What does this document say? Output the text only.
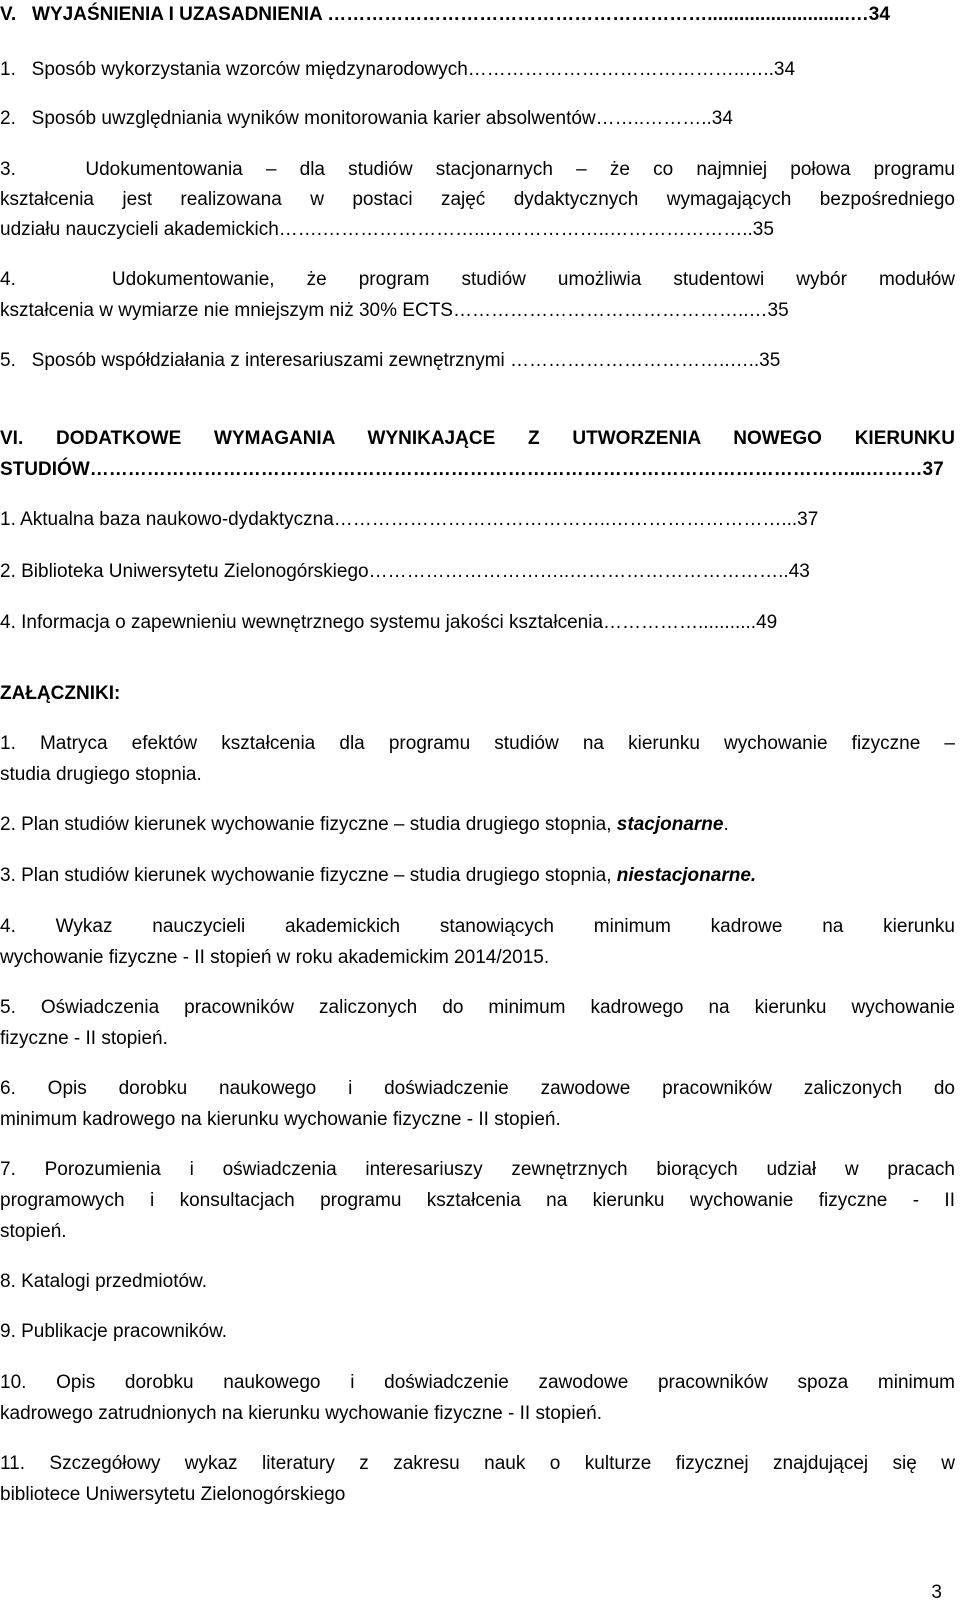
V.   WYJAŚNIENIA I UZASADNIENIA ……………………………………………………...........................…34
1.   Sposób wykorzystania wzorców międzynarodowych……………………………………..…..34
2.   Sposób uwzględniania wyników monitorowania karier absolwentów……..………..34
3.   Udokumentowania – dla studiów stacjonarnych – że co najmniej połowa programu
kształcenia jest realizowana w postaci zajęć dydaktycznych wymagających bezpośredniego
udziału nauczycieli akademickich…….……………………..………………..…………………..35
4.   Udokumentowanie, że program studiów umożliwia studentowi wybór modułów
kształcenia w wymiarze nie mniejszym niż 30% ECTS………………………………………..…35
5.   Sposób współdziałania z interesariuszami zewnętrznymi ……………………………..…..35
VI. DODATKOWE WYMAGANIA WYNIKAJĄCE Z UTWORZENIA NOWEGO KIERUNKU
STUDIÓW…………………………………………………………………………………………………………...………37
1. Aktualna baza naukowo-dydaktyczna……………………………………..………………………...37
2. Biblioteka Uniwersytetu Zielonogórskiego…………………………..……………………………..43
4. Informacja o zapewnieniu wewnętrznego systemu jakości kształcenia……………...........49
ZAŁĄCZNIKI:
1. Matryca efektów kształcenia dla programu studiów na kierunku wychowanie fizyczne –
studia drugiego stopnia.
2. Plan studiów kierunek wychowanie fizyczne – studia drugiego stopnia, stacjonarne.
3. Plan studiów kierunek wychowanie fizyczne – studia drugiego stopnia, niestacjonarne.
4. Wykaz nauczycieli akademickich stanowiących minimum kadrowe na kierunku
wychowanie fizyczne - II stopień w roku akademickim 2014/2015.
5. Oświadczenia pracowników zaliczonych do minimum kadrowego na kierunku wychowanie
fizyczne - II stopień.
6. Opis dorobku naukowego i doświadczenie zawodowe pracowników zaliczonych do
minimum kadrowego na kierunku wychowanie fizyczne - II stopień.
7. Porozumienia i oświadczenia interesariuszy zewnętrznych biorących udział w pracach
programowych i konsultacjach programu kształcenia na kierunku wychowanie fizyczne - II
stopień.
8. Katalogi przedmiotów.
9. Publikacje pracowników.
10. Opis dorobku naukowego i doświadczenie zawodowe pracowników spoza minimum
kadrowego zatrudnionych na kierunku wychowanie fizyczne - II stopień.
11. Szczegółowy wykaz literatury z zakresu nauk o kulturze fizycznej znajdującej się w
bibliotece Uniwersytetu Zielonogórskiego
3
